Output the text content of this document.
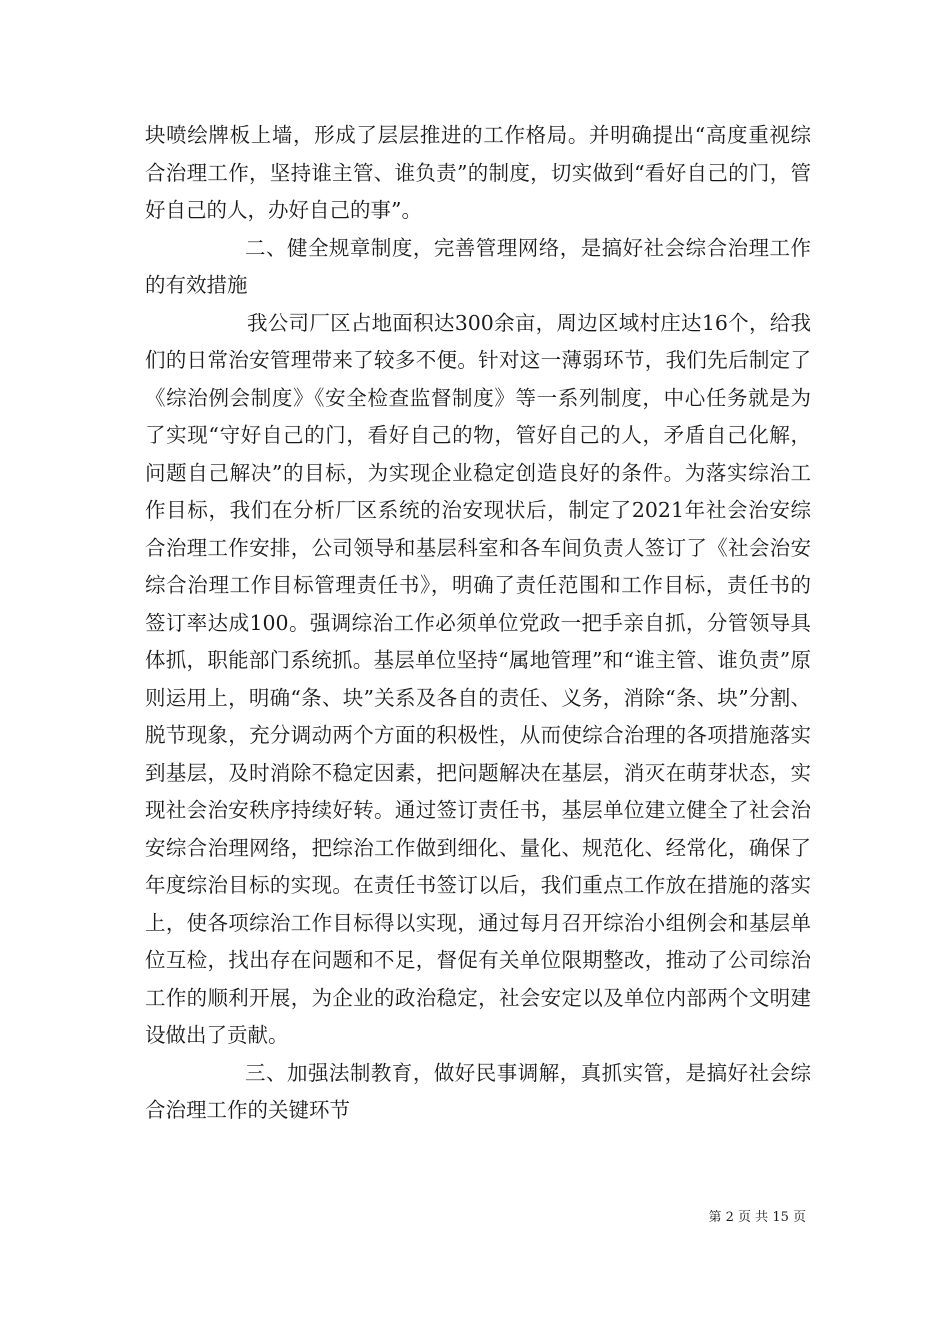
块喷绘牌板上墙，形成了层层推进的工作格局。并明确提出“高度重视综合治理工作，坚持谁主管、谁负责”的制度，切实做到“看好自己的门，管好自己的人，办好自己的事”。

二、健全规章制度，完善管理网络，是搞好社会综合治理工作的有效措施

我公司厂区占地面积达300余亩，周边区域村庄达16个，给我们的日常治安管理带来了较多不便。针对这一薄弱环节，我们先后制定了《综治例会制度》《安全检查监督制度》等一系列制度，中心任务就是为了实现“守好自己的门，看好自己的物，管好自己的人，矛盾自己化解，问题自己解决”的目标，为实现企业稳定创造良好的条件。为落实综治工作目标，我们在分析厂区系统的治安现状后，制定了2021年社会治安综合治理工作安排，公司领导和基层科室和各车间负责人签订了《社会治安综合治理工作目标管理责任书》，明确了责任范围和工作目标，责任书的签订率达成100。强调综治工作必须单位党政一把手亲自抓，分管领导具体抓，职能部门系统抓。基层单位坚持“属地管理”和“谁主管、谁负责”原则运用上，明确“条、块”关系及各自的责任、义务，消除“条、块”分割、脱节现象，充分调动两个方面的积极性，从而使综合治理的各项措施落实到基层，及时消除不稳定因素，把问题解决在基层，消灭在萌芽状态，实现社会治安秩序持续好转。通过签订责任书，基层单位建立健全了社会治安综合治理网络，把综治工作做到细化、量化、规范化、经常化，确保了年度综治目标的实现。在责任书签订以后，我们重点工作放在措施的落实上，使各项综治工作目标得以实现，通过每月召开综治小组例会和基层单位互检，找出存在问题和不足，督促有关单位限期整改，推动了公司综治工作的顺利开展，为企业的政治稳定，社会安定以及单位内部两个文明建设做出了贡献。

三、加强法制教育，做好民事调解，真抓实管，是搞好社会综合治理工作的关键环节

第 2 页 共 15 页
